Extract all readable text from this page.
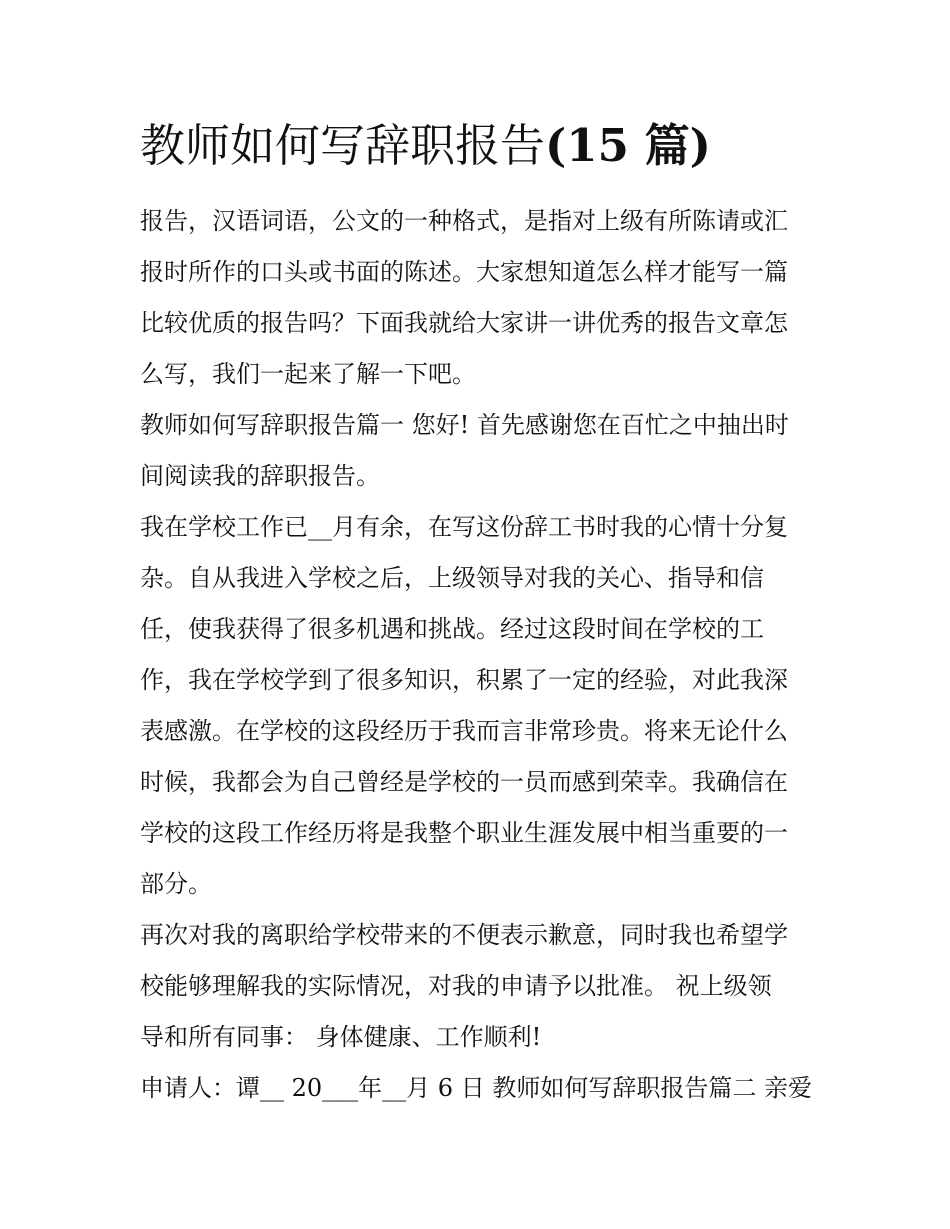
教师如何写辞职报告(15 篇)

报告，汉语词语，公文的一种格式，是指对上级有所陈请或汇
报时所作的口头或书面的陈述。大家想知道怎么样才能写一篇
比较优质的报告吗？下面我就给大家讲一讲优秀的报告文章怎
么写，我们一起来了解一下吧。

教师如何写辞职报告篇一 您好! 首先感谢您在百忙之中抽出时
间阅读我的辞职报告。

我在学校工作已__月有余，在写这份辞工书时我的心情十分复
杂。自从我进入学校之后，上级领导对我的关心、指导和信
任，使我获得了很多机遇和挑战。经过这段时间在学校的工
作，我在学校学到了很多知识，积累了一定的经验，对此我深
表感激。在学校的这段经历于我而言非常珍贵。将来无论什么
时候，我都会为自己曾经是学校的一员而感到荣幸。我确信在
学校的这段工作经历将是我整个职业生涯发展中相当重要的一
部分。

再次对我的离职给学校带来的不便表示歉意，同时我也希望学
校能够理解我的实际情况，对我的申请予以批准。 祝上级领
导和所有同事： 身体健康、工作顺利!

申请人：谭__ 20___年__月 6 日 教师如何写辞职报告篇二 亲爱
